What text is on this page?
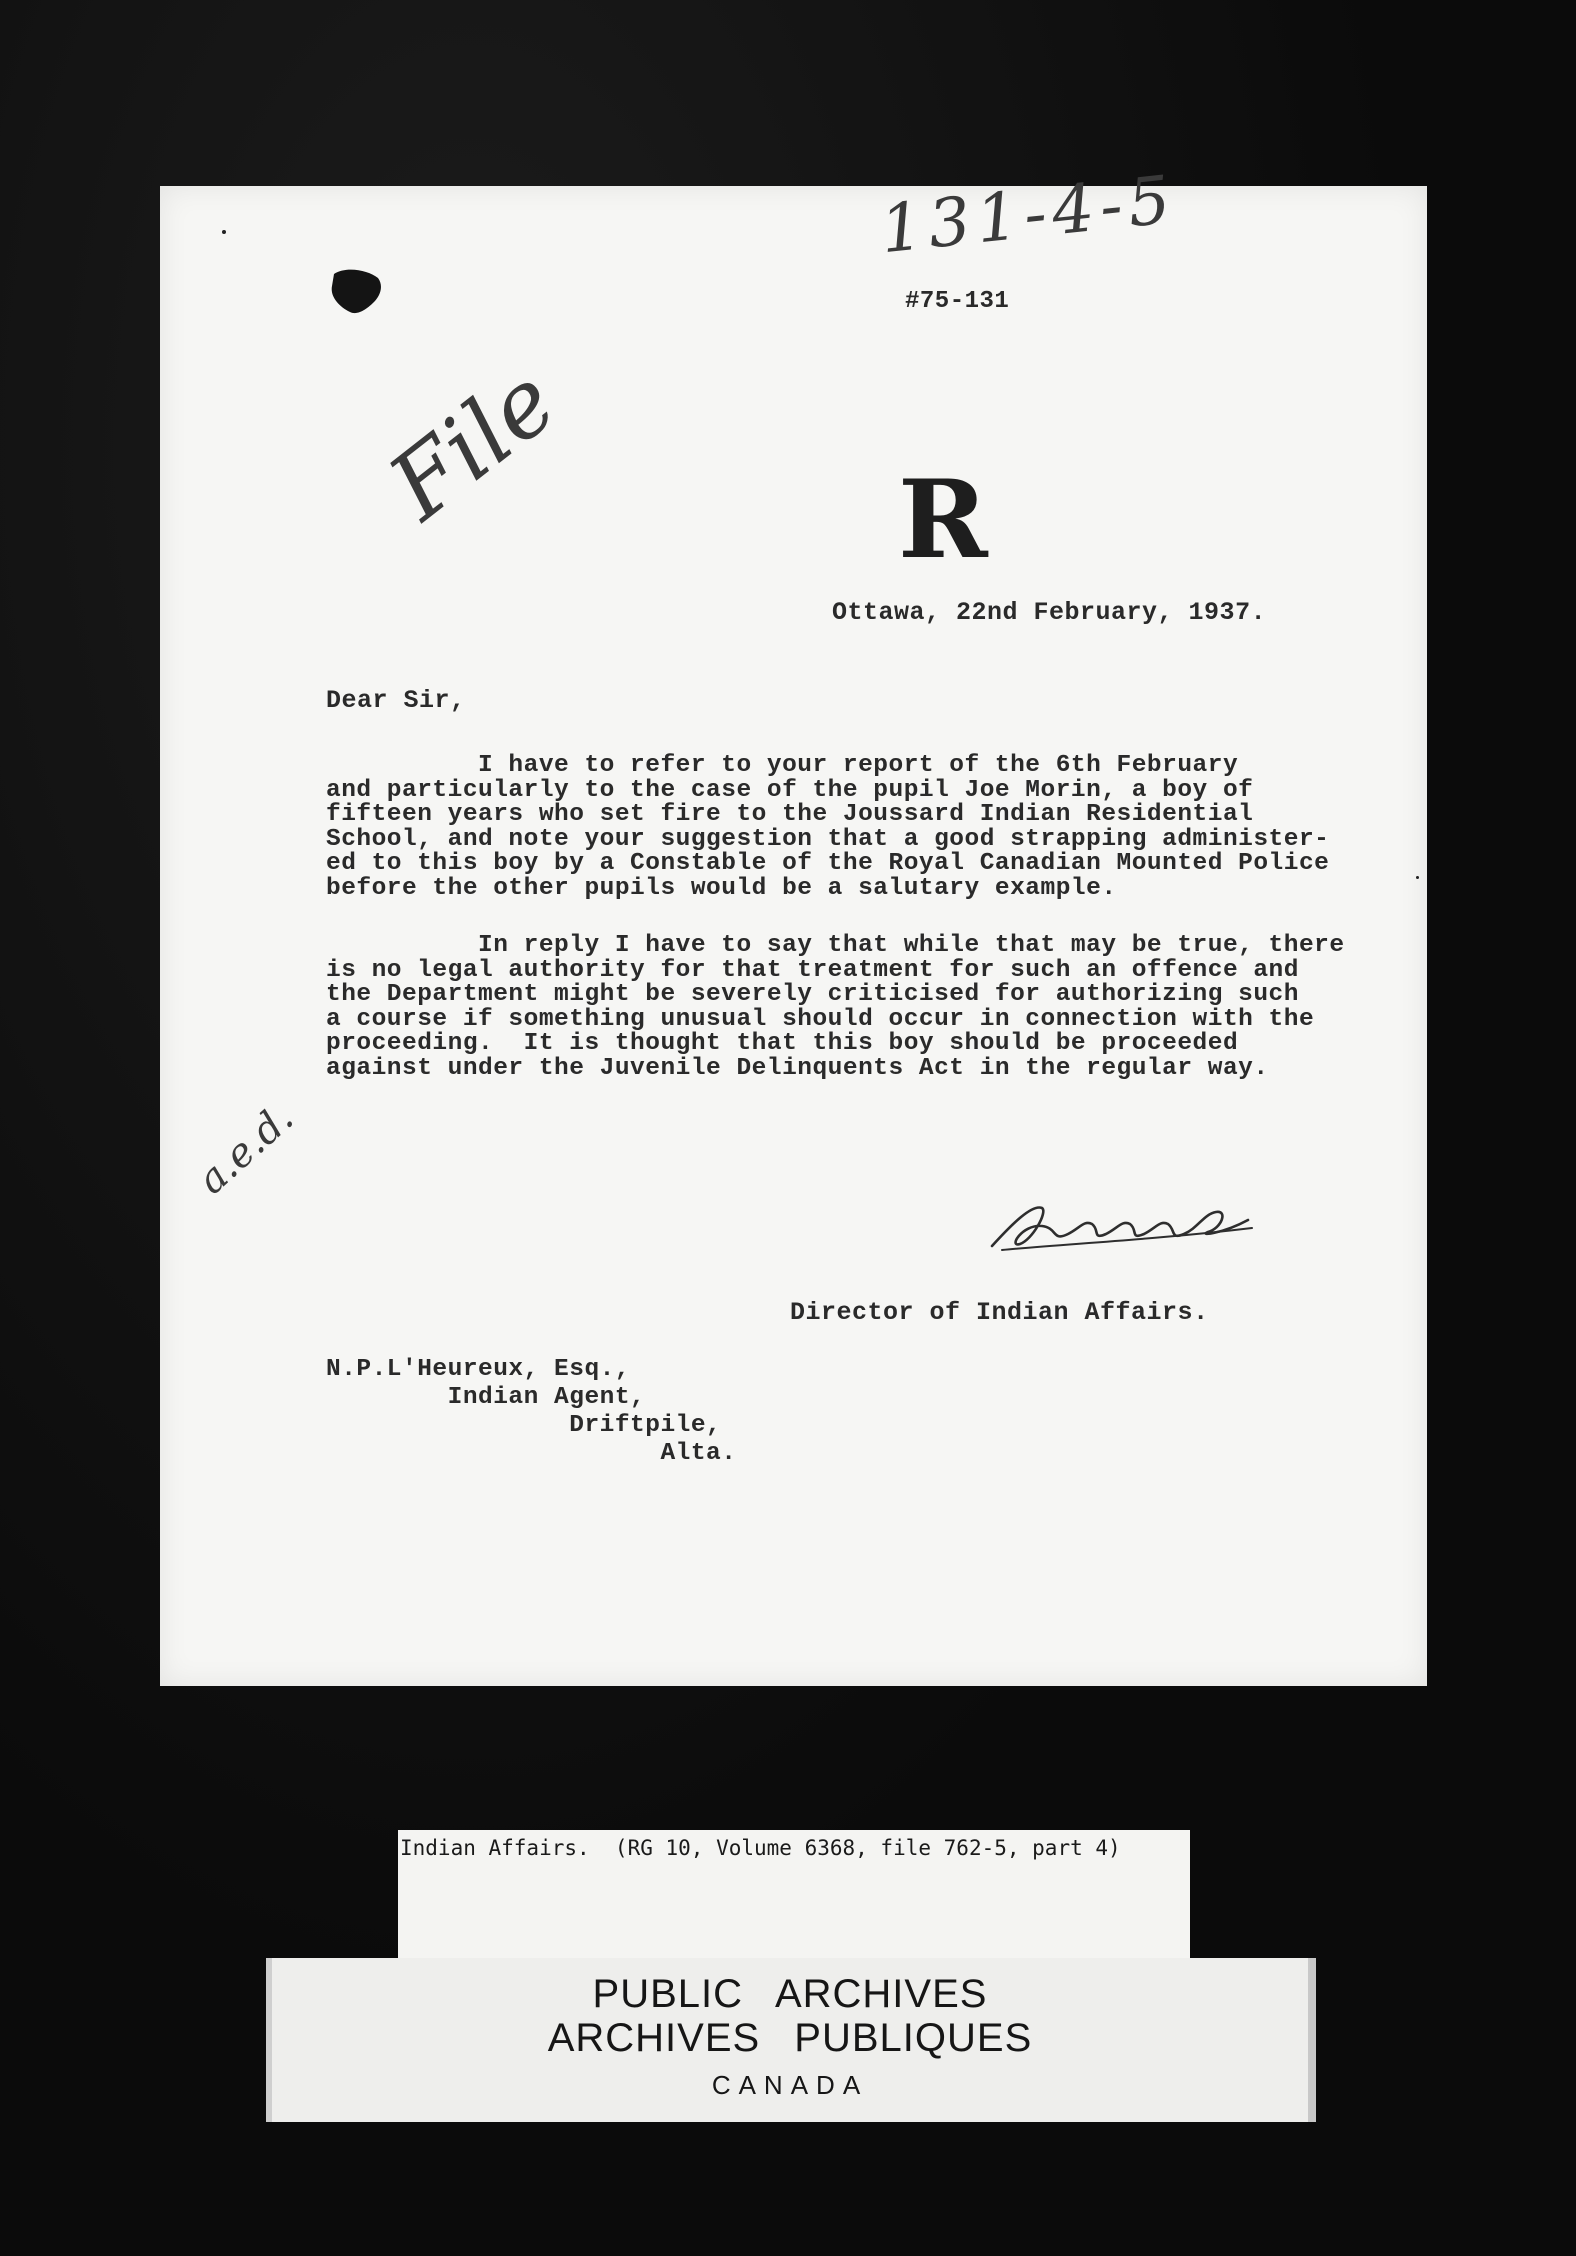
131-4-5
#75-131
File	R
Ottawa, 22nd February, 1937.
Dear Sir,
I have to refer to your report of the 6th February
and particularly to the case of the pupil Joe Morin, a boy of
fifteen years who set fire to the Joussard Indian Residential
School, and note your suggestion that a good strapping administer-
ed to this boy by a Constable of the Royal Canadian Mounted Police
before the other pupils would be a salutary example.
In reply I have to say that while that may be true, there
is no legal authority for that treatment for such an offence and
the Department might be severely criticised for authorizing such
a course if something unusual should occur in connection with the
proceeding.  It is thought that this boy should be proceeded
against under the Juvenile Delinquents Act in the regular way.
a.e.d.
Director of Indian Affairs.
N.P.L'Heureux, Esq.,
Indian Agent,
Driftpile,
Alta.
Indian Affairs.  (RG 10, Volume 6368, file 762-5, part 4)
PUBLIC ARCHIVES
ARCHIVES PUBLIQUES
CANADA
